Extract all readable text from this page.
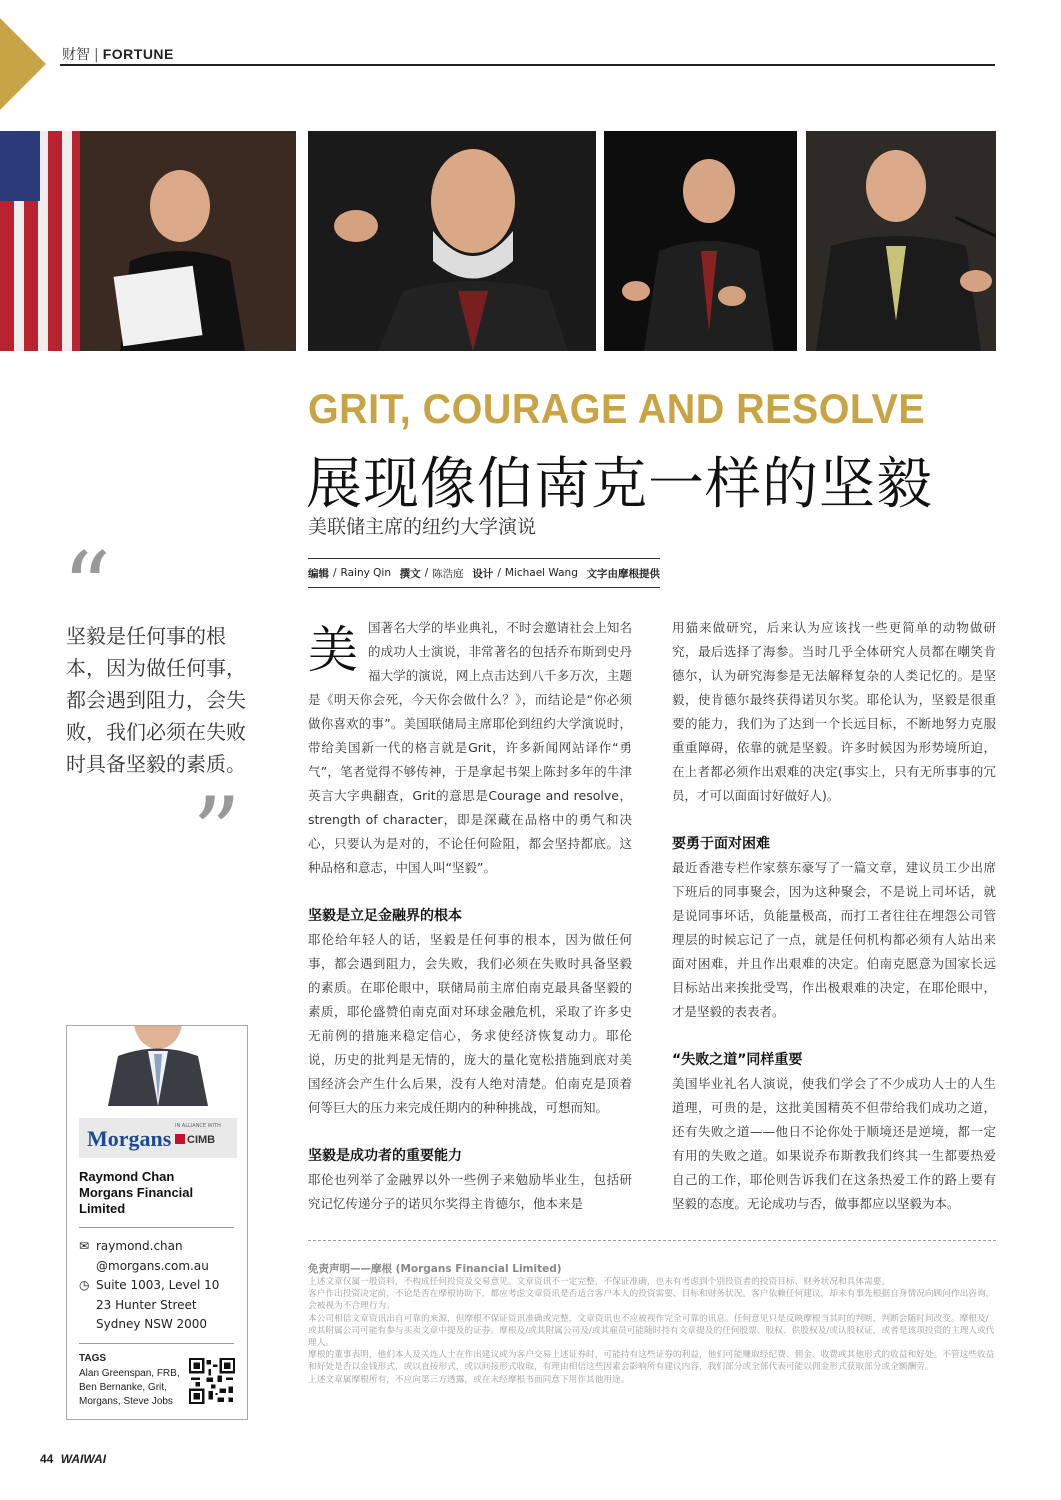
财智 | FORTUNE
GRIT, COURAGE AND RESOLVE
展现像伯南克一样的坚毅
美联储主席的纽约大学演说
编辑 / Rainy Qin 撰文 / 陈浩庭 设计 / Michael Wang 文字由摩根提供
“
坚毅是任何事的根本，因为做任何事，都会遇到阻力，会失败，我们必须在失败时具备坚毅的素质。
”

美国著名大学的毕业典礼，不时会邀请社会上知名的成功人士演说，非常著名的包括乔布斯到史丹福大学的演说，网上点击达到八千多万次，主题是《明天你会死，今天你会做什么？》，而结论是“你必须做你喜欢的事”。美国联储局主席耶伦到纽约大学演说时，带给美国新一代的格言就是Grit，许多新闻网站译作“勇气”，笔者觉得不够传神，于是拿起书架上陈封多年的牛津英言大字典翻查，Grit的意思是Courage and resolve，strength of character，即是深藏在品格中的勇气和决心，只要认为是对的，不论任何险阻，都会坚持都底。这种品格和意志，中国人叫“坚毅”。

坚毅是立足金融界的根本

耶伦给年轻人的话，坚毅是任何事的根本，因为做任何事，都会遇到阻力，会失败，我们必须在失败时具备坚毅的素质。在耶伦眼中，联储局前主席伯南克最具备坚毅的素质，耶伦盛赞伯南克面对环球金融危机，采取了许多史无前例的措施来稳定信心，务求使经济恢复动力。耶伦说，历史的批判是无情的，庞大的量化宽松措施到底对美国经济会产生什么后果，没有人绝对清楚。伯南克是顶着何等巨大的压力来完成任期内的种种挑战，可想而知。

坚毅是成功者的重要能力

耶伦也列举了金融界以外一些例子来勉励毕业生，包括研究记忆传递分子的诺贝尔奖得主肯德尔，他本来是

用猫来做研究，后来认为应该找一些更简单的动物做研究，最后选择了海参。当时几乎全体研究人员都在嘲笑肯德尔，认为研究海参是无法解释复杂的人类记忆的。是坚毅，使肯德尔最终获得诺贝尔奖。耶伦认为，坚毅是很重要的能力，我们为了达到一个长远目标，不断地努力克服重重障碍，依靠的就是坚毅。许多时候因为形势境所迫，在上者都必须作出艰难的决定(事实上，只有无所事事的冗员，才可以面面讨好做好人)。

要勇于面对困难

最近香港专栏作家蔡东豪写了一篇文章，建议员工少出席下班后的同事聚会，因为这种聚会，不是说上司坏话，就是说同事坏话，负能量极高，而打工者往往在埋怨公司管理层的时候忘记了一点，就是任何机构都必须有人站出来面对困难，并且作出艰难的决定。伯南克愿意为国家长远目标站出来挨批受骂，作出极艰难的决定，在耶伦眼中，才是坚毅的表表者。

“失败之道”同样重要

美国毕业礼名人演说，使我们学会了不少成功人士的人生道理，可贵的是，这批美国精英不但带给我们成功之道，还有失败之道——他日不论你处于顺境还是逆境，都一定有用的失败之道。如果说乔布斯教我们终其一生都要热爱自己的工作，耶伦则告诉我们在这条热爱工作的路上要有坚毅的态度。无论成功与否，做事都应以坚毅为本。

Morgans IN ALLIANCE WITH
CIMB
Raymond Chan
Morgans Financial
Limited
✉ raymond.chan
@morgans.com.au
◷ Suite 1003, Level 10
23 Hunter Street
Sydney NSW 2000
TAGS
Alan Greenspan, FRB, Ben Bernanke, Grit, Morgans, Steve Jobs
免责声明——摩根 (Morgans Financial Limited)
上述文章仅属一般资料，不构成任何投资及交易意见。文章资讯不一定完整，不保证准确，也未有考虑到个别投资者的投资目标、财务状况和具体需要。
客户作出投资决定前，不论是否在摩根协助下，都应考虑文章资讯是否适合客户本人的投资需要、目标和财务状况。客户依赖任何建议，却未有事先根据自身情况向顾问作出咨询，会被视为不合理行为。
本公司相信文章资讯出自可靠的来源，但摩根不保证资讯准确或完整，文章资讯也不应被视作完全可靠的讯息。任何意见只是反映摩根当其时的判断，判断会随时间改变。摩根及/或其附属公司可能有参与买卖文章中提及的证券。摩根及/或其附属公司及/或其雇员可能随时持有文章提及的任何股票、股权、供股权及/或认股权证，或者是该项投资的主理人或代理人。
摩根的董事表明，他们本人及关连人士在作出建议或为客户交易上述证券时，可能持有这些证券的利益，他们可能赚取经纪费、佣金、收费或其他形式的收益和好处。不管这些收益和好处是否以金钱形式，或以直接形式，或以间接形式收取，有理由相信这些因素会影响所有建议内容，我们部分或全部代表可能以佣金形式获取部分或全额酬劳。
上述文章属摩根所有，不应向第三方透露，或在未经摩根书面同意下用作其他用途。
44 WAIWAI
